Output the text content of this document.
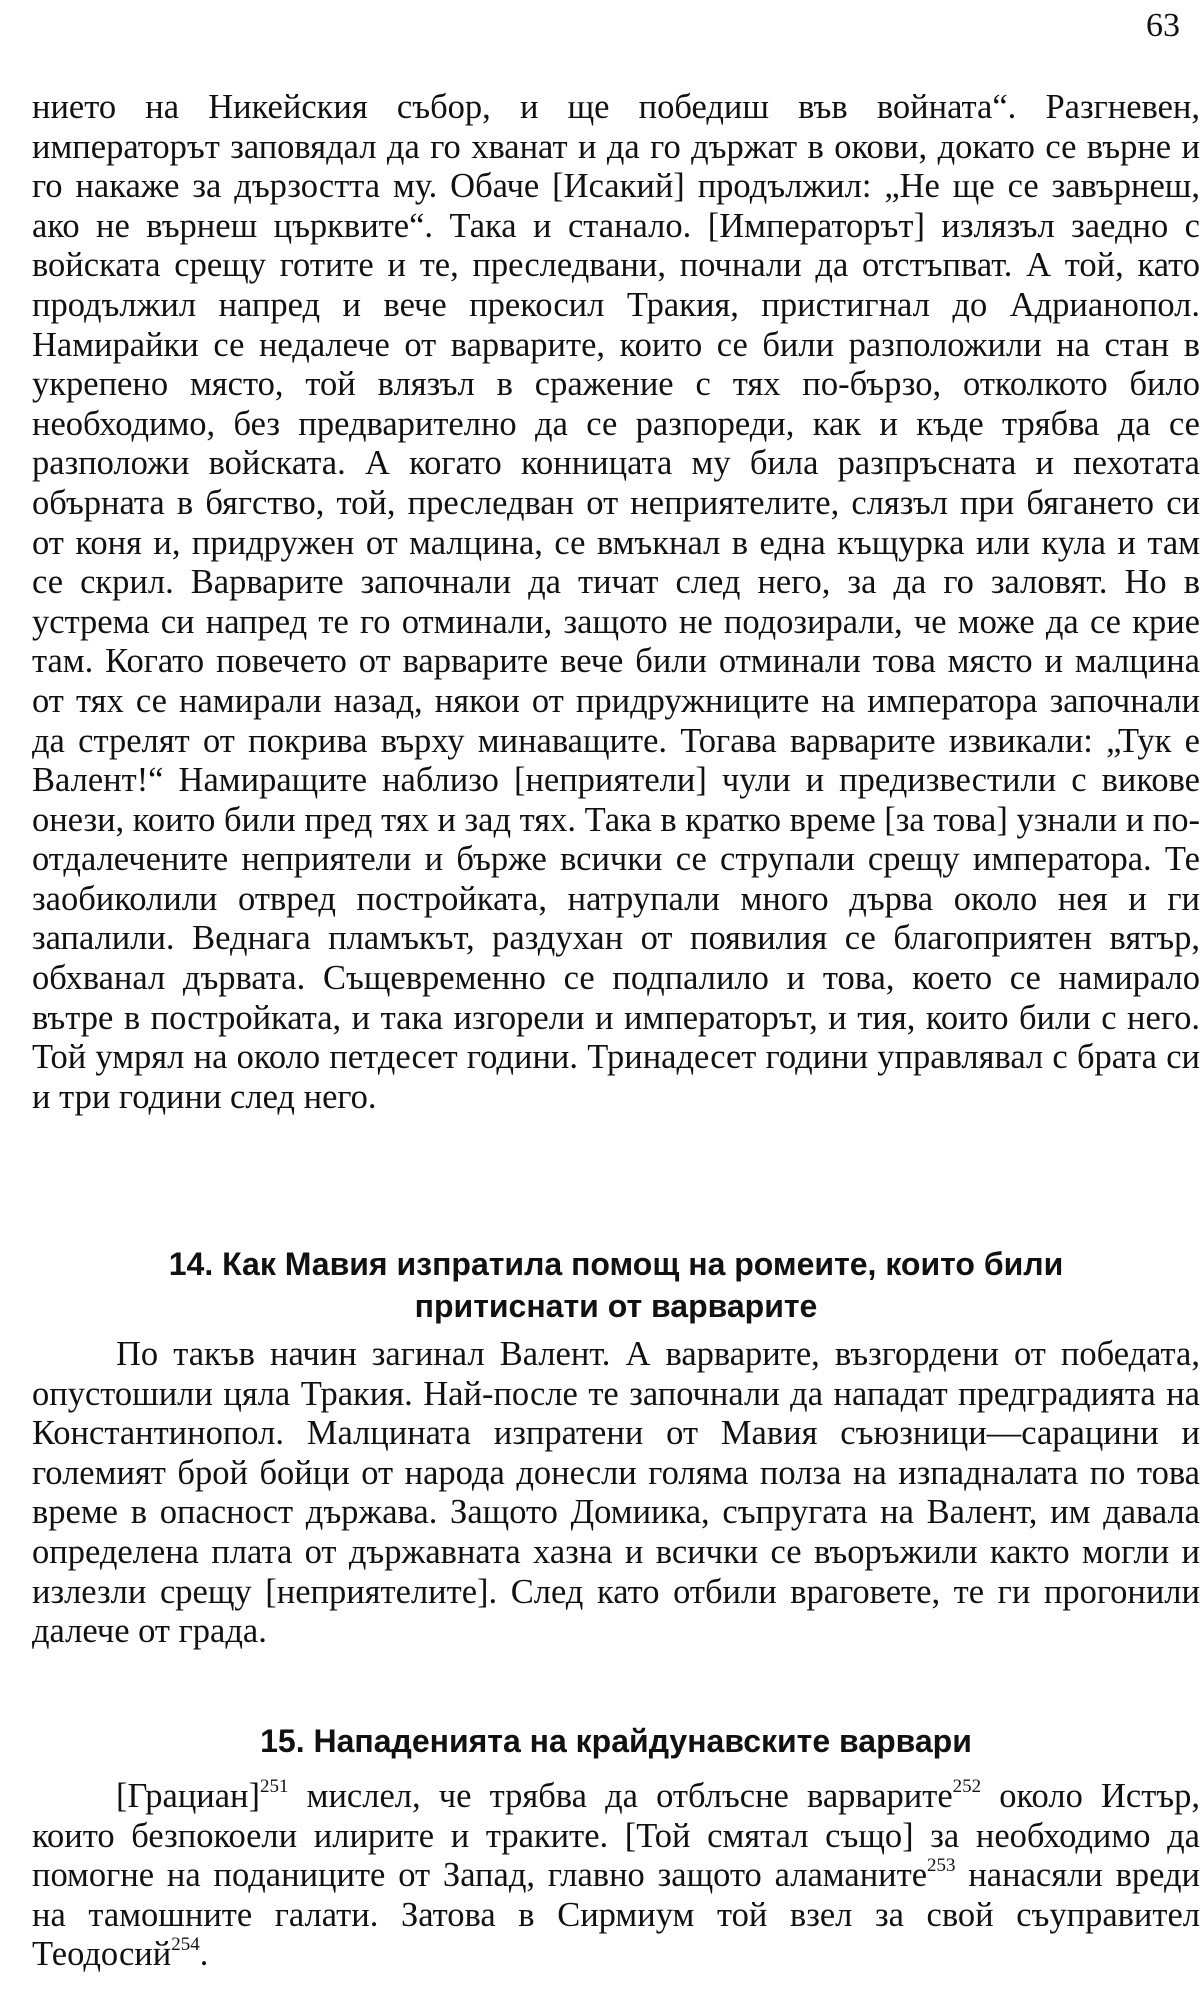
63

нието на Никейския събор, и ще победиш във войната“. Разгневен, императорът заповядал да го хванат и да го държат в окови, докато се върне и го накаже за дързостта му. Обаче [Исакий] продължил: „Не ще се завърнеш, ако не върнеш църквите“. Така и станало. [Императорът] излязъл заедно с войската срещу готите и те, преследвани, почнали да отстъпват. А той, като продължил напред и вече прекосил Тракия, пристигнал до Адрианопол. Намирайки се недалече от варварите, които се били разположили на стан в укрепено място, той влязъл в сражение с тях по-бързо, отколкото било необходимо, без предварително да се разпореди, как и къде трябва да се разположи войската. А когато конницата му била разпръсната и пехотата обърната в бягство, той, преследван от неприятелите, слязъл при бягането си от коня и, придружен от малцина, се вмъкнал в една къщурка или кула и там се скрил. Варварите започнали да тичат след него, за да го заловят. Но в устрема си напред те го отминали, защото не подозирали, че може да се крие там. Когато повечето от варварите вече били отминали това място и малцина от тях се намирали назад, някои от придружниците на императора започнали да стрелят от покрива върху минаващите. Тогава варварите извикали: „Тук е Валент!“ Намиращите наблизо [неприятели] чули и предизвестили с викове онези, които били пред тях и зад тях. Така в кратко време [за това] узнали и по-отдалечените неприятели и бърже всички се струпали срещу императора. Те заобиколили отвред постройката, натрупали много дърва около нея и ги запалили. Веднага пламъкът, раздухан от появилия се благоприятен вятър, обхванал дървата. Същевременно се подпалило и това, което се намирало вътре в постройката, и така изгорели и императорът, и тия, които били с него. Той умрял на около петдесет години. Тринадесет години управлявал с брата си и три години след него.

14. Как Мавия изпратила помощ на ромеите, които били
притиснати от варварите

По такъв начин загинал Валент. А варварите, възгордени от победата, опустошили цяла Тракия. Най-после те започнали да нападат предградията на Константинопол. Малцината изпратени от Мавия съюзници—сарацини и големият брой бойци от народа донесли голяма полза на изпадналата по това време в опасност държава. Защото Домиика, съпругата на Валент, им давала определена плата от държавната хазна и всички се въоръжили както могли и излезли срещу [неприятелите]. След като отбили враговете, те ги прогонили далече от града.

15. Нападенията на крайдунавските варвари

[Грациан]$^{251}$ мислел, че трябва да отблъсне варварите$^{252}$ около Истър, които безпокоели илирите и траките. [Той смятал също] за необходимо да помогне на поданиците от Запад, главно защото аламаните$^{253}$ нанасяли вреди на тамошните галати. Затова в Сирмиум той взел за свой съуправител Теодосий$^{254}$.
